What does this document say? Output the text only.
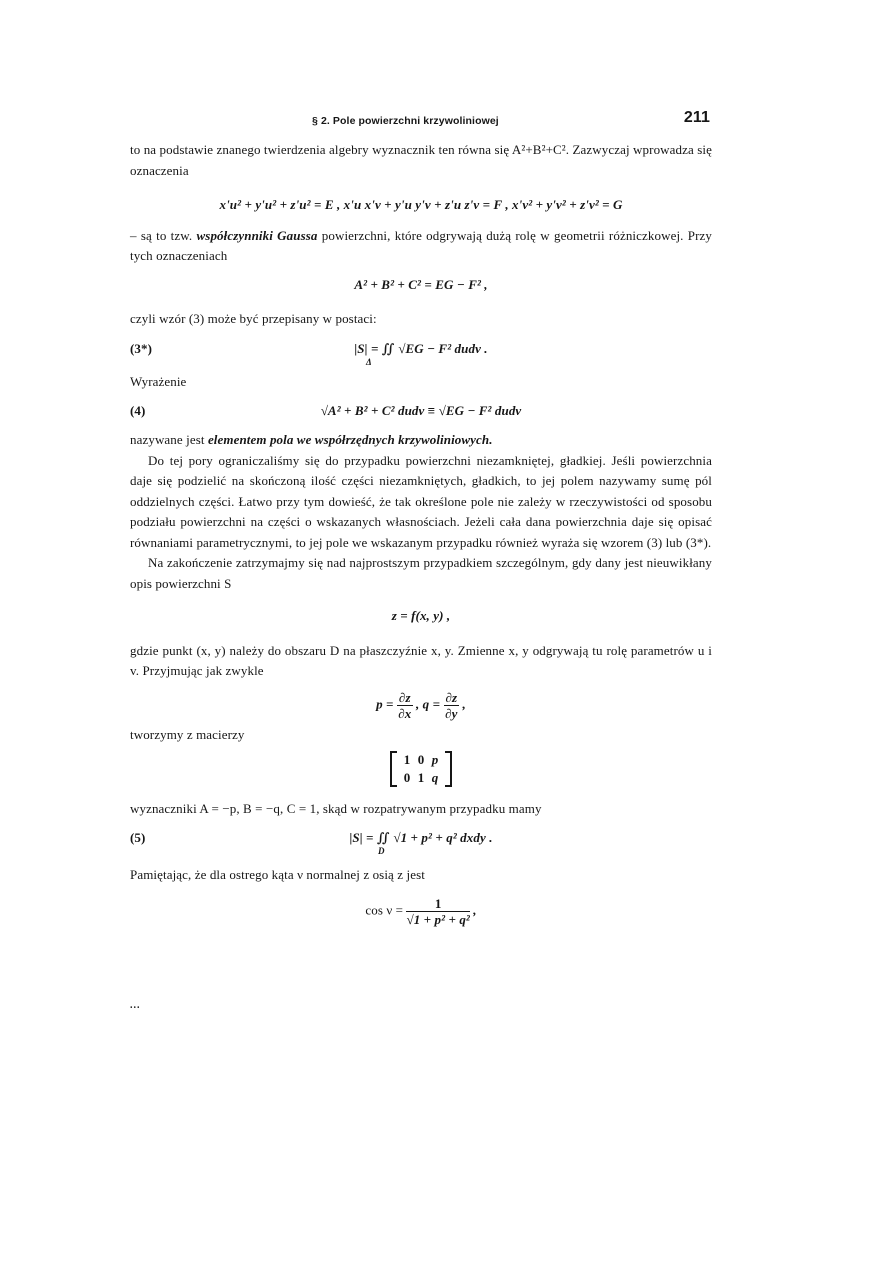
§ 2. Pole powierzchni krzywoliniowej	211

to na podstawie znanego twierdzenia algebry wyznacznik ten równa się A²+B²+C². Zazwyczaj wprowadza się oznaczenia

x'u² + y'u² + z'u² = E , x'u x'v + y'u y'v + z'u z'v = F , x'v² + y'v² + z'v² = G

– są to tzw. współczynniki Gaussa powierzchni, które odgrywają dużą rolę w geometrii różniczkowej. Przy tych oznaczeniach

A² + B² + C² = EG − F² ,

czyli wzór (3) może być przepisany w postaci:

(3*)	|S| = ∬ √EG − F² dudv .
Δ

Wyrażenie

(4)	√A² + B² + C² dudv ≡ √EG − F² dudv

nazywane jest elementem pola we współrzędnych krzywoliniowych.

Do tej pory ograniczaliśmy się do przypadku powierzchni niezamkniętej, gładkiej. Jeśli powierzchnia daje się podzielić na skończoną ilość części niezamkniętych, gładkich, to jej polem nazywamy sumę pól oddzielnych części. Łatwo przy tym dowieść, że tak określone pole nie zależy w rzeczywistości od sposobu podziału powierzchni na części o wskazanych własnościach. Jeżeli cała dana powierzchnia daje się opisać równaniami parametrycznymi, to jej pole we wskazanym przypadku również wyraża się wzorem (3) lub (3*).

Na zakończenie zatrzymajmy się nad najprostszym przypadkiem szczególnym, gdy dany jest nieuwikłany opis powierzchni S

z = f(x, y) ,

gdzie punkt (x, y) należy do obszaru D na płaszczyźnie x, y. Zmienne x, y odgrywają tu rolę parametrów u i v. Przyjmując jak zwykle

$p = \frac{\partial z}{\partial x}$ , $q = \frac{\partial z}{\partial y}$ ,

tworzymy z macierzy

1 0 p
0 1 q

wyznaczniki A = −p, B = −q, C = 1, skąd w rozpatrywanym przypadku mamy

(5)	|S| = ∬ √1 + p² + q² dxdy .
D

Pamiętając, że dla ostrego kąta ν normalnej z osią z jest

$\cos \nu = \frac{1}{\text{√1 + p² + q²}}$ ,
...
